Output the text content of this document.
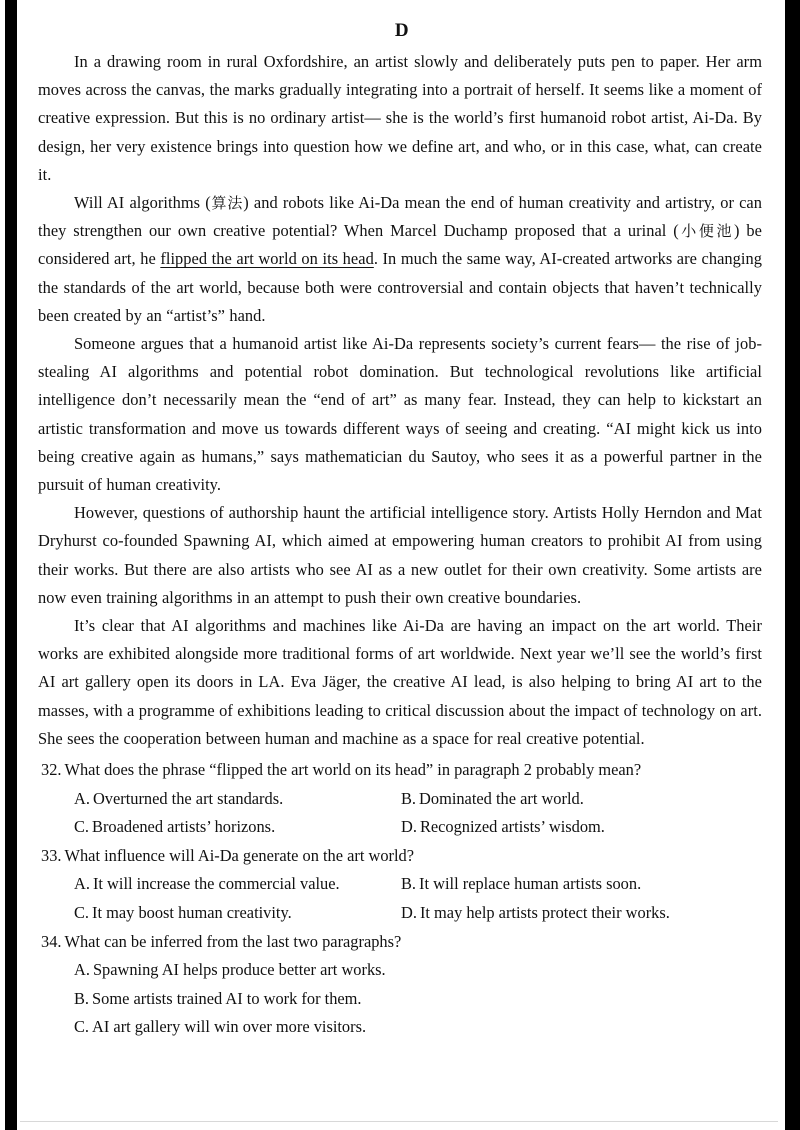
D

In a drawing room in rural Oxfordshire, an artist slowly and deliberately puts pen to paper. Her arm moves across the canvas, the marks gradually integrating into a portrait of herself. It seems like a moment of creative expression. But this is no ordinary artist— she is the world’s first humanoid robot artist, Ai-Da. By design, her very existence brings into question how we define art, and who, or in this case, what, can create it.

Will AI algorithms (算法) and robots like Ai-Da mean the end of human creativity and artistry, or can they strengthen our own creative potential? When Marcel Duchamp proposed that a urinal (小便池) be considered art, he flipped the art world on its head. In much the same way, AI-created artworks are changing the standards of the art world, because both were controversial and contain objects that haven’t technically been created by an “artist’s” hand.

Someone argues that a humanoid artist like Ai-Da represents society’s current fears— the rise of job-stealing AI algorithms and potential robot domination. But technological revolutions like artificial intelligence don’t necessarily mean the “end of art” as many fear. Instead, they can help to kickstart an artistic transformation and move us towards different ways of seeing and creating. “AI might kick us into being creative again as humans,” says mathematician du Sautoy, who sees it as a powerful partner in the pursuit of human creativity.

However, questions of authorship haunt the artificial intelligence story. Artists Holly Herndon and Mat Dryhurst co-founded Spawning AI, which aimed at empowering human creators to prohibit AI from using their works. But there are also artists who see AI as a new outlet for their own creativity. Some artists are now even training algorithms in an attempt to push their own creative boundaries.

It’s clear that AI algorithms and machines like Ai-Da are having an impact on the art world. Their works are exhibited alongside more traditional forms of art worldwide. Next year we’ll see the world’s first AI art gallery open its doors in LA. Eva Jäger, the creative AI lead, is also helping to bring AI art to the masses, with a programme of exhibitions leading to critical discussion about the impact of technology on art. She sees the cooperation between human and machine as a space for real creative potential.

32. What does the phrase “flipped the art world on its head” in paragraph 2 probably mean?
A. Overturned the art standards.	B. Dominated the art world.
C. Broadened artists’ horizons.	D. Recognized artists’ wisdom.
33. What influence will Ai-Da generate on the art world?
A. It will increase the commercial value.	B. It will replace human artists soon.
C. It may boost human creativity.	D. It may help artists protect their works.
34. What can be inferred from the last two paragraphs?
A. Spawning AI helps produce better art works.
B. Some artists trained AI to work for them.
C. AI art gallery will win over more visitors.
